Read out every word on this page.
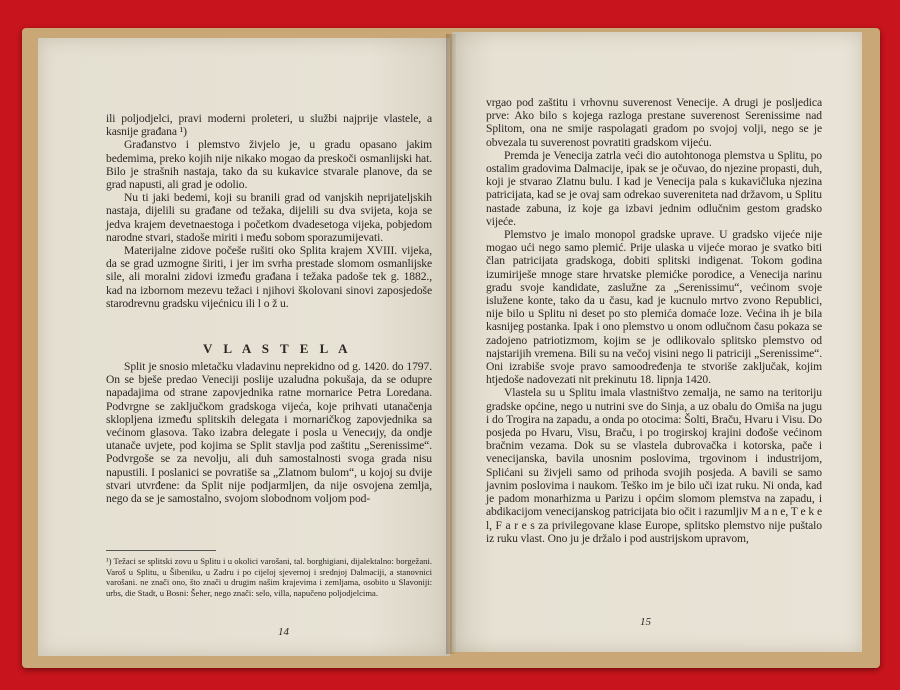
ili poljodjelci, pravi moderni proleteri, u službi najprije vlastele, a kasnije građana ¹)

Građanstvo i plemstvo živjelo je, u gradu opasano jakim bedemima, preko kojih nije nikako mogao da preskoči osmanlijski hat. Bilo je strašnih nastaja, tako da su kukavice stvarale planove, da se grad napusti, ali grad je odolio.

Nu ti jaki bedemi, koji su branili grad od vanjskih neprijateljskih nastaja, dijelili su građane od težaka, dijelili su dva svijeta, koja se jedva krajem devetnaestoga i početkom dvadesetoga vijeka, pobjedom narodne stvari, stadoše miriti i među sobom sporazumijevati.

Materijalne zidove počeše rušiti oko Splita krajem XVIII. vijeka, da se grad uzmogne širiti, i jer im svrha prestade slomom osmanlijske sile, ali moralni zidovi između građana i težaka padoše tek g. 1882., kad na izbornom mezevu težaci i njihovi školovani sinovi zaposjedoše starodrevnu gradsku vijećnicu ili l o ž u.

V L A S T E L A

Split je snosio mletačku vladavinu neprekidno od g. 1420. do 1797. On se bješe predao Veneciji poslije uzaludna pokušaja, da se odupre napadajima od strane zapovjednika ratne mornarice Petra Loredana. Podvrgne se zaključkom gradskoga vijeća, koje prihvati utanačenja skloplјena između splitskih delegata i mornaričkog zapovjednika sa većinom glasova. Tako izabra delegate i posla u Venecију, da ondje utanače uvjete, pod kojima se Split stavlja pod zaštitu „Serenissime“. Podvrgoše se za nevolju, ali duh samostalnosti svoga grada nisu napustili. I poslanici se povratiše sa „Zlatnom bulom“, u kojoj su dvije stvari utvrđene: da Split nije podjarmljen, da nije osvojena zemlja, nego da se je samostalno, svojom slobodnom voljom pod-

¹) Težaci se splitski zovu u Splitu i u okolici varošani, tal. borghigiani, dijalektalno: borgežani. Varoš u Splitu, u Šibeniku, u Zadru i po cijeloj sjevernoj i srednjoj Dalmaciji, a stanovnici varošani. ne znači ono, što znači u drugim našim krajevima i zemljama, osobito u Slavoniji: urbs, die Stadt, u Bosni: Šeher, nego znači: selo, villa, napučeno poljodjelcima.
14

vrgao pod zaštitu i vrhovnu suverenost Venecije. A drugi je posljedica prve: Ako bilo s kojega razloga prestane suverenost Serenissime nad Splitom, ona ne smije raspolagati gradom po svojoj volji, nego se je obvezala tu suverenost povratiti gradskom vijeću.

Premda je Venecija zatrla veći dio autohtonoga plemstva u Splitu, po ostalim gradovima Dalmacije, ipak se je očuvao, do njezine propasti, duh, koji je stvarao Zlatnu bulu. I kad je Venecija pala s kukavičluka njezina patricijata, kad se je ovaj sam odrekao suvereniteta nad državom, u Splitu nastade zabuna, iz koje ga izbavi jednim odlučnim gestom gradsko vijeće.

Plemstvo je imalo monopol gradske uprave. U gradsko vijeće nije mogao ući nego samo plemić. Prije ulaska u vijeće morao je svatko biti član patricijata gradskoga, dobiti splitski indigenat. Tokom godina izumiriješe mnoge stare hrvatske plemićke porodice, a Venecija narinu gradu svoje kandidate, zaslužne za „Serenissimu“, većinom svoje isluženе konte, tako da u času, kad je kucnulo mrtvo zvono Republici, nije bilo u Splitu ni deset po sto plemića domaće loze. Većina ih je bila kasnijeg postanka. Ipak i ono plemstvo u onom odlučnom času pokaza se zadojeno patriotizmom, kojim se je odlikovalo splitsko plemstvo od najstarijih vremena. Bili su na večoj visini nego li patriciji „Serenissime“. Oni izrabiše svoje pravo samoodređenja te stvoriše zaključak, kojim htjedoše nadovezati nit prekinutu 18. lipnja 1420.

Vlastela su u Splitu imala vlastništvo zemalja, ne samo na teritoriju gradske općine, nego u nutrini sve do Sinja, a uz obalu do Omiša na jugu i do Trogira na zapadu, a onda po otocima: Šolti, Braču, Hvaru i Visu. Do posjeda po Hvaru, Visu, Braču, i po trogirskoj krajini dođoše većinom bračnim vezama. Dok su se vlastela dubrovačka i kotorska, pače i venecijanska, bavila unosnim poslovima, trgovinom i industrijom, Splićani su živjeli samo od prihoda svojih posjeda. A bavili se samo javnim poslovima i naukom. Teško im je bilo uči izat ruku. Ni onda, kad je padom monarhizma u Parizu i općim slomom plemstva na zapadu, i abdikacijom venecijanskog patricijata bio očit i razumljiv M a n e, T e k e l, F a r e s za privilegovane klase Europe, splitsko plemstvo nije puštalo iz ruku vlast. Ono ju je držalo i pod austrijskom upravom,

15
